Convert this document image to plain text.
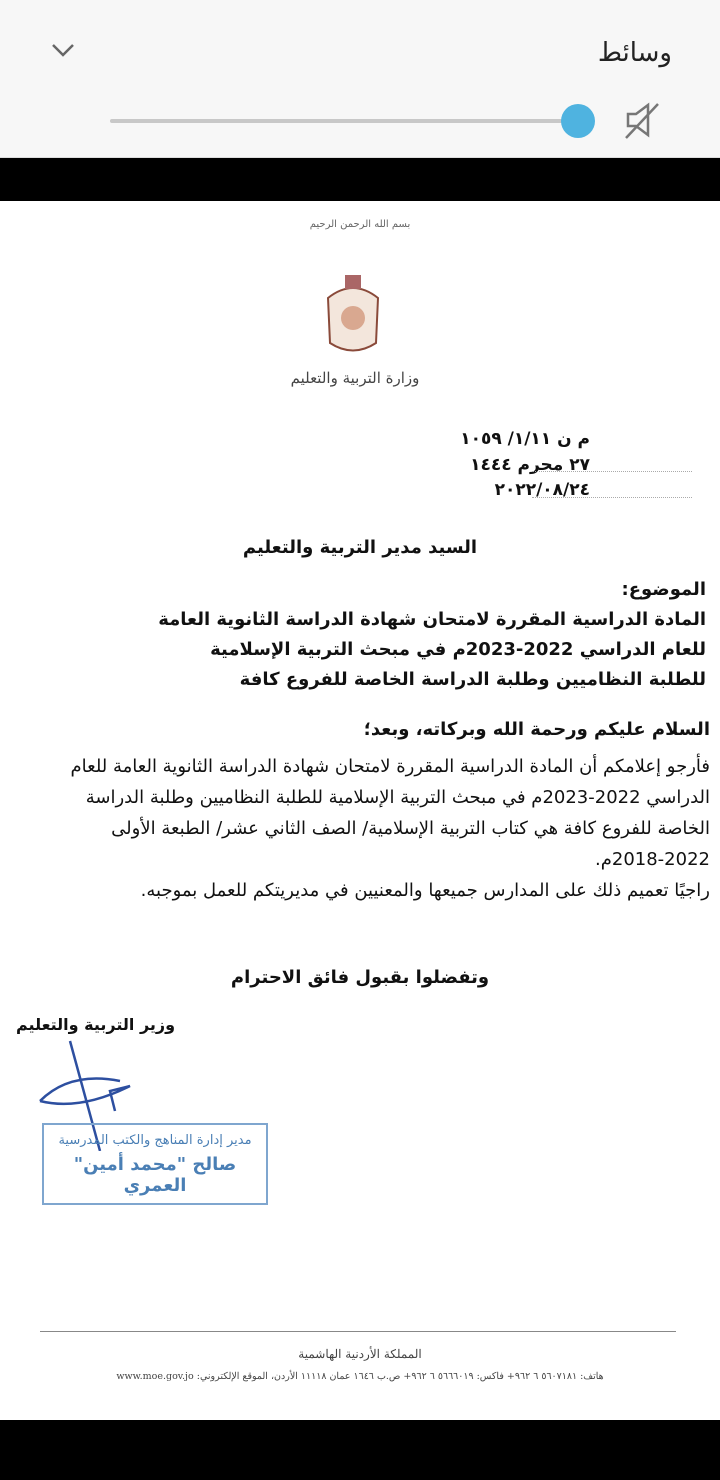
وسائط
بسم الله الرحمن الرحيم
وزارة التربية والتعليم
م ن ١/١١/ ١٠٥٩
٢٧ محرم ١٤٤٤
٢٠٢٢/٠٨/٢٤
السيد مدير التربية والتعليم
الموضوع:

المادة الدراسية المقررة لامتحان شهادة الدراسة الثانوية العامة

للعام الدراسي 2022-2023م في مبحث التربية الإسلامية

للطلبة النظاميين وطلبة الدراسة الخاصة للفروع كافة

السلام عليكم ورحمة الله وبركاته، وبعد؛

فأرجو إعلامكم أن المادة الدراسية المقررة لامتحان شهادة الدراسة الثانوية العامة للعام

الدراسي 2022-2023م في مبحث التربية الإسلامية للطلبة النظاميين وطلبة الدراسة

الخاصة للفروع كافة هي كتاب التربية الإسلامية/ الصف الثاني عشر/ الطبعة الأولى

2018-2022م.

راجيًا تعميم ذلك على المدارس جميعها والمعنيين في مديريتكم للعمل بموجبه.

وتفضلوا بقبول فائق الاحترام
وزير التربية والتعليم

مدير إدارة المناهج والكتب المدرسية

صالح "محمد أمين" العمري

المملكة الأردنية الهاشمية
هاتف: ٥٦٠٧١٨١ ٦ ٩٦٢+ فاكس: ٥٦٦٦٠١٩ ٦ ٩٦٢+ ص.ب ١٦٤٦ عمان ١١١١٨ الأردن، الموقع الإلكتروني: www.moe.gov.jo
